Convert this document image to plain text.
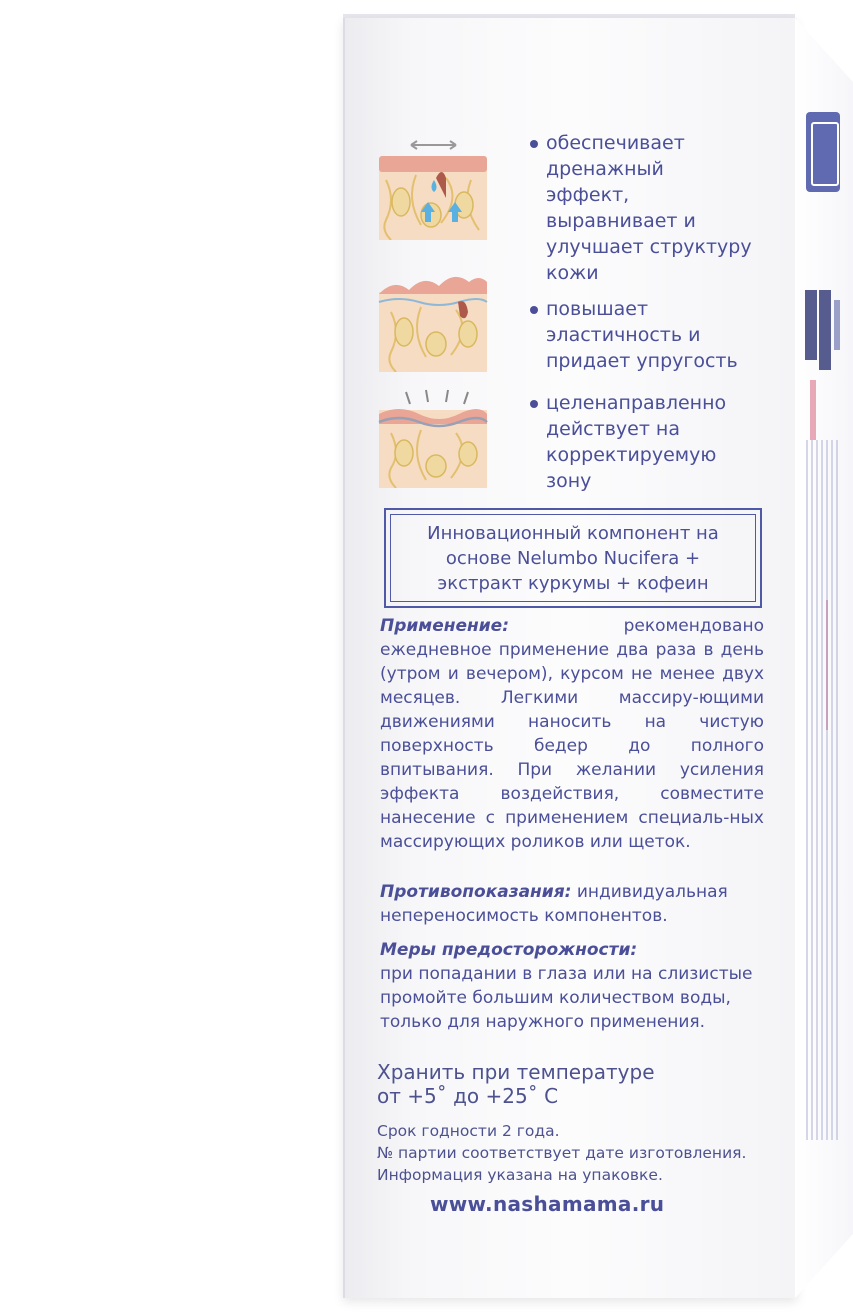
обеспечивает
дренажный
эффект,
выравнивает и
улучшает структуру
кожи
повышает
эластичность и
придает упругость
целенаправленно
действует на
корректируемую
зону
Инновационный компонент на
основе Nelumbo Nucifera +
экстракт куркумы + кофеин
Применение:	рекомендовано ежедневное применение два раза в день (утром и вечером), курсом не менее двух месяцев. Легкими массиру-ющими движениями наносить на чистую поверхность бедер до полного впитывания. При желании усиления эффекта воздействия, совместите нанесение с применением специаль-ных массирующих роликов или щеток.
Противопоказания: индивидуальная непереносимость компонентов.
Меры предосторожности:
при попадании в глаза или на слизистые
промойте большим количеством воды,
только для наружного применения.
Хранить при температуре
от +5˚ до +25˚ С
Срок годности 2 года.
№ партии соответствует дате изготовления.
Информация указана на упаковке.
www.nashamama.ru
